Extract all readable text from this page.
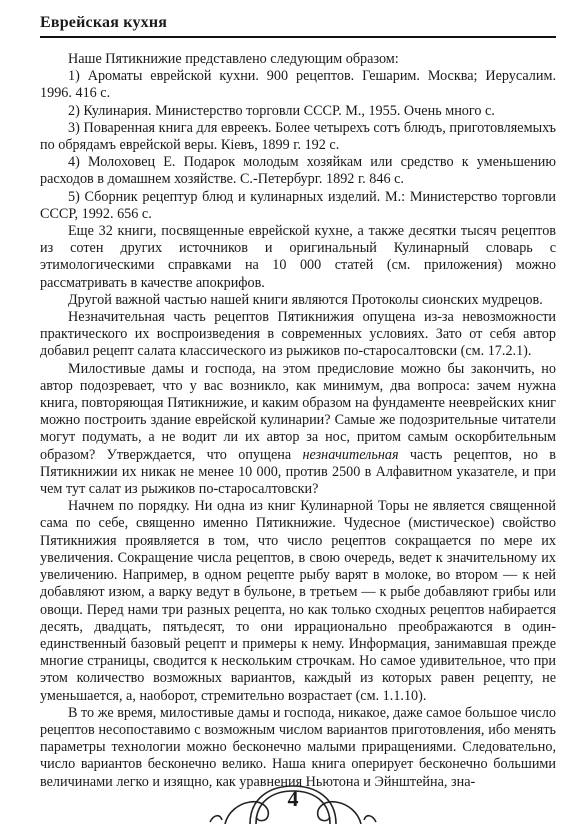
Еврейская кухня

Наше Пятикнижие представлено следующим образом:

1) Ароматы еврейской кухни. 900 рецептов. Гешарим. Москва; Иерусалим. 1996. 416 с.

2) Кулинария. Министерство торговли СССР. М., 1955. Очень много с.

3) Поваренная книга для евреекъ. Более четырехъ сотъ блюдъ, приготовляемыхъ по обрядамъ еврейской веры. Кiевъ, 1899 г. 192 с.

4) Молоховец Е. Подарок молодым хозяйкам или средство к уменьшению расходов в домашнем хозяйстве. С.-Петербург. 1892 г. 846 с.

5) Сборник рецептур блюд и кулинарных изделий. М.: Министерство торговли СССР, 1992. 656 с.

Еще 32 книги, посвященные еврейской кухне, а также десятки тысяч рецептов из сотен других источников и оригинальный Кулинарный словарь с этимологическими справками на 10 000 статей (см. приложения) можно рассматривать в качестве апокрифов.

Другой важной частью нашей книги являются Протоколы сионских мудрецов.

Незначительная часть рецептов Пятикнижия опущена из-за невозможности практического их воспроизведения в современных условиях. Зато от себя автор добавил рецепт салата классического из рыжиков по-старосалтовски (см. 17.2.1).

Милостивые дамы и господа, на этом предисловие можно бы закончить, но автор подозревает, что у вас возникло, как минимум, два вопроса: зачем нужна книга, повторяющая Пятикнижие, и каким образом на фундаменте нееврейских книг можно построить здание еврейской кулинарии? Самые же подозрительные читатели могут подумать, а не водит ли их автор за нос, притом самым оскорбительным образом? Утверждается, что опущена незначительная часть рецептов, но в Пятикнижии их никак не менее 10 000, против 2500 в Алфавитном указателе, и при чем тут салат из рыжиков по-старосалтовски?

Начнем по порядку. Ни одна из книг Кулинарной Торы не является священной сама по себе, священно именно Пятикнижие. Чудесное (мистическое) свойство Пятикнижия проявляется в том, что число рецептов сокращается по мере их увеличения. Сокращение числа рецептов, в свою очередь, ведет к значительному их увеличению. Например, в одном рецепте рыбу варят в молоке, во втором — к ней добавляют изюм, а варку ведут в бульоне, в третьем — к рыбе добавляют грибы или овощи. Перед нами три разных рецепта, но как только сходных рецептов набирается десять, двадцать, пятьдесят, то они иррационально преображаются в один-единственный базовый рецепт и примеры к нему. Информация, занимавшая прежде многие страницы, сводится к нескольким строчкам. Но самое удивительное, что при этом количество возможных вариантов, каждый из которых равен рецепту, не уменьшается, а, наоборот, стремительно возрастает (см. 1.1.10).

В то же время, милостивые дамы и господа, никакое, даже самое большое число рецептов несопоставимо с возможным числом вариантов приготовления, ибо менять параметры технологии можно бесконечно малыми приращениями. Следовательно, число вариантов бесконечно велико. Наша книга оперирует бесконечно большими величинами легко и изящно, как уравнения Ньютона и Эйнштейна, зна-

4
